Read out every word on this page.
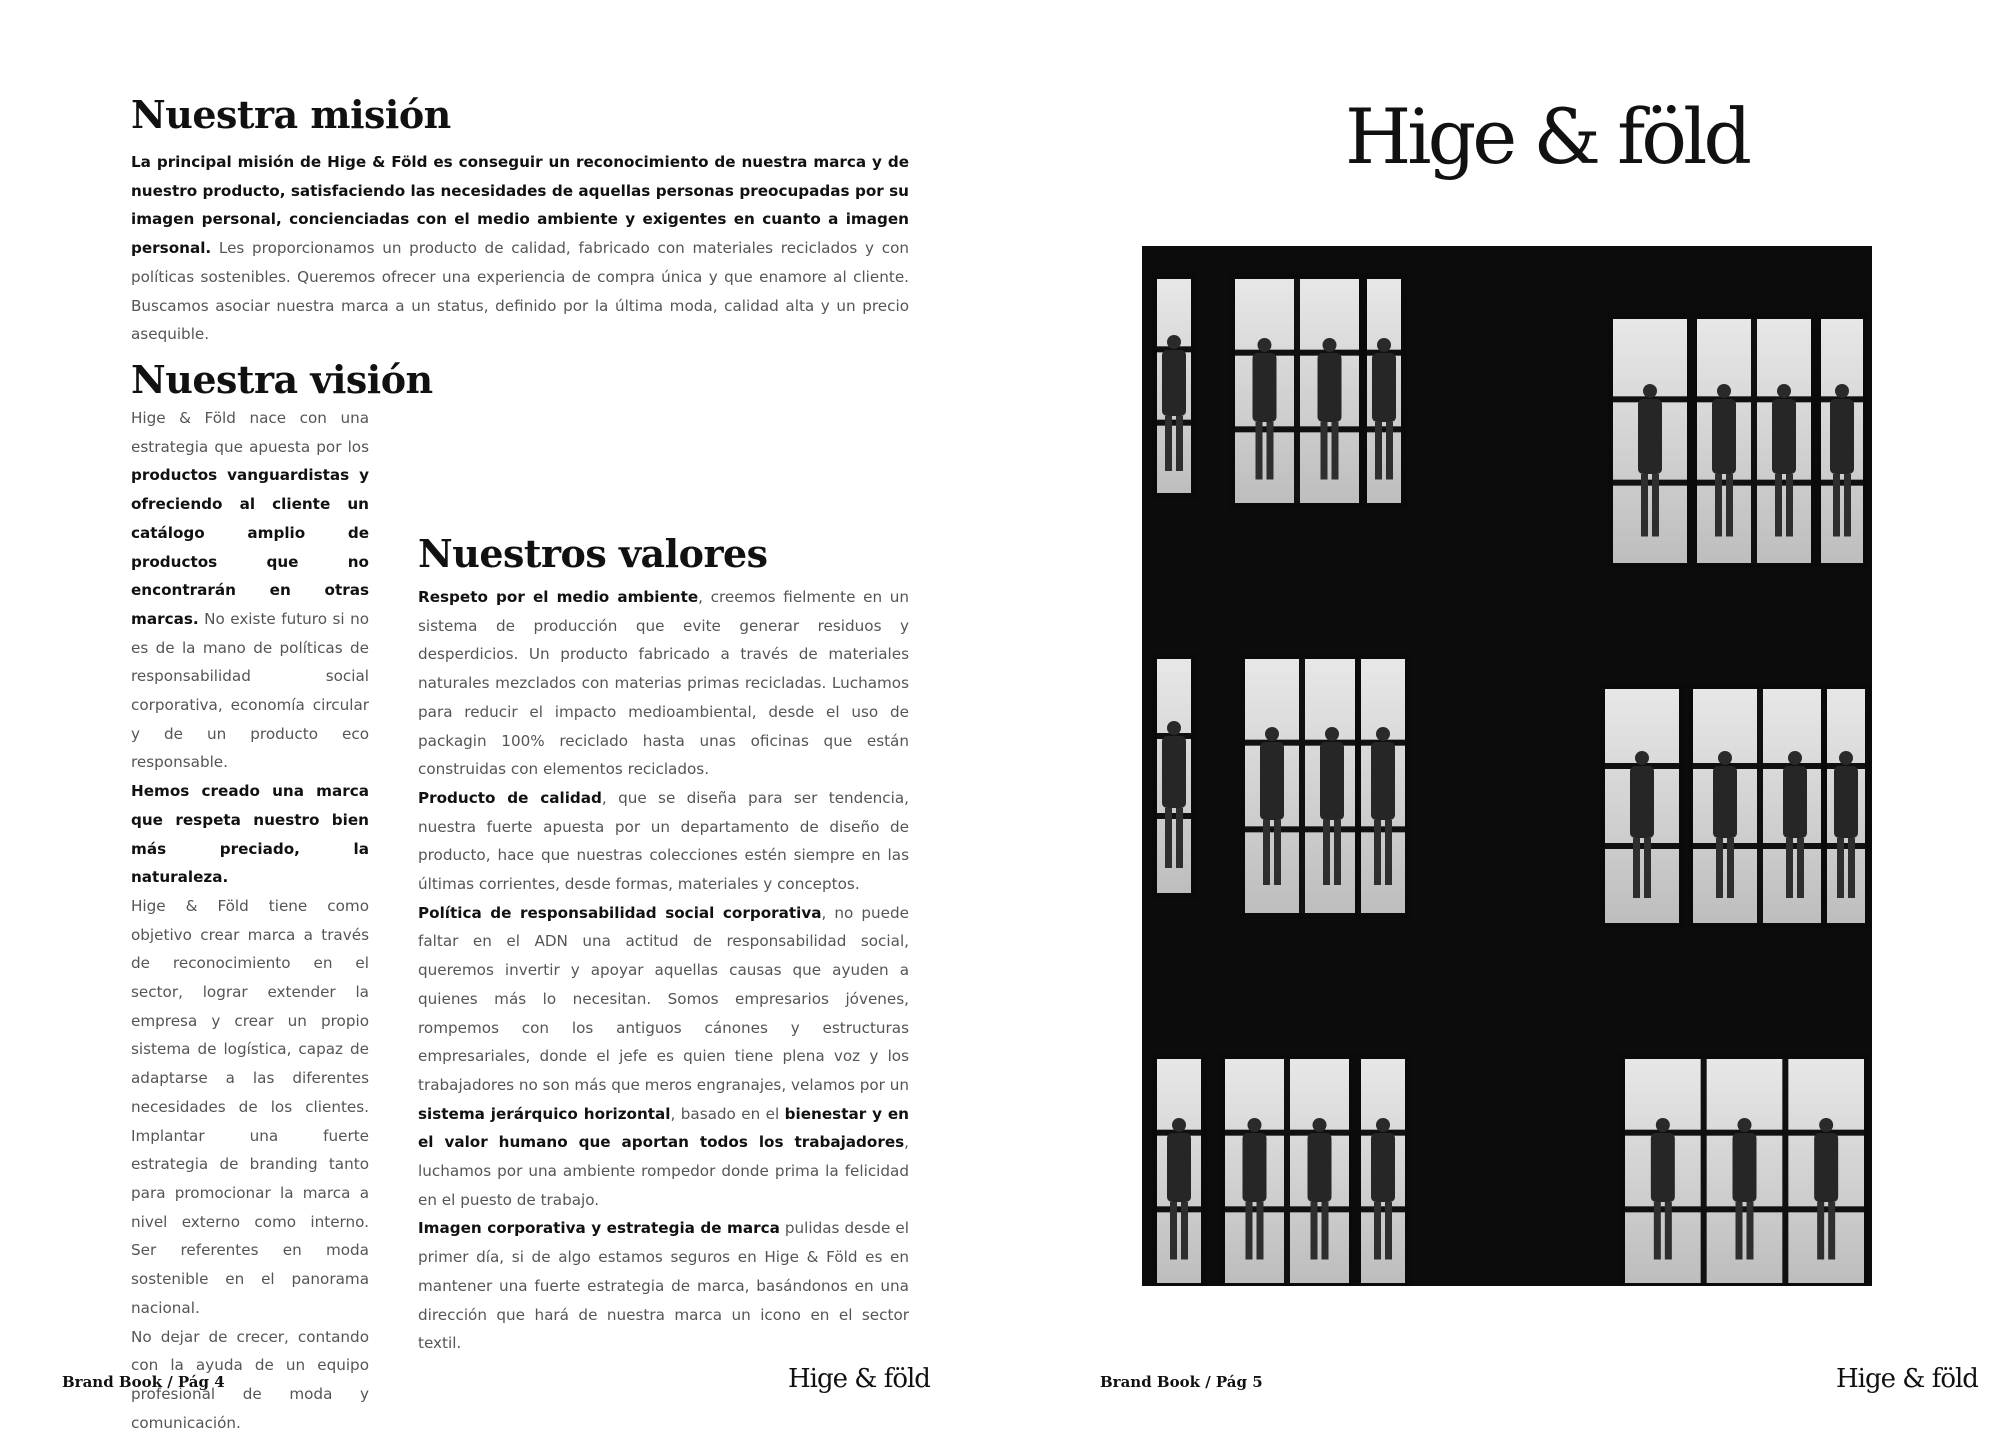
Nuestra misión

La principal misión de Hige & Föld es conseguir un reconocimiento de nuestra marca y de nuestro producto, satisfaciendo las necesidades de aquellas personas preocupadas por su imagen personal, concienciadas con el medio ambiente y exigentes en cuanto a imagen personal. Les proporcionamos un producto de calidad, fabricado con materiales reciclados y con políticas sostenibles. Queremos ofrecer una experiencia de compra única y que enamore al cliente. Buscamos asociar nuestra marca a un status, definido por la última moda, calidad alta y un precio asequible.

Nuestra visión
Hige & Föld nace con una estrategia que apuesta por los productos vanguardistas y ofreciendo al cliente un catálogo amplio de productos que no encontrarán en otras marcas. No existe futuro si no es de la mano de políticas de responsabilidad social corporativa, economía circular y de un producto eco responsable.
Hemos creado una marca que respeta nuestro bien más preciado, la naturaleza.
Hige & Föld tiene como objetivo crear marca a través de reconocimiento en el sector, lograr extender la empresa y crear un propio sistema de logística, capaz de adaptarse a las diferentes necesidades de los clientes. Implantar una fuerte estrategia de branding tanto para promocionar la marca a nivel externo como interno. Ser referentes en moda sostenible en el panorama nacional.
No dejar de crecer, contando con la ayuda de un equipo profesional de moda y comunicación.
Nuestros valores
Respeto por el medio ambiente, creemos fielmente en un sistema de producción que evite generar residuos y desperdicios. Un producto fabricado a través de materiales naturales mezclados con materias primas recicladas. Luchamos para reducir el impacto medioambiental, desde el uso de packagin 100% reciclado hasta unas oficinas que están construidas con elementos reciclados.
Producto de calidad, que se diseña para ser tendencia, nuestra fuerte apuesta por un departamento de diseño de producto, hace que nuestras colecciones estén siempre en las últimas corrientes, desde formas, materiales y conceptos.
Política de responsabilidad social corporativa, no puede faltar en el ADN una actitud de responsabilidad social, queremos invertir y apoyar aquellas causas que ayuden a quienes más lo necesitan. Somos empresarios jóvenes, rompemos con los antiguos cánones y estructuras empresariales, donde el jefe es quien tiene plena voz y los trabajadores no son más que meros engranajes, velamos por un sistema jerárquico horizontal, basado en el bienestar y en el valor humano que aportan todos los trabajadores, luchamos por una ambiente rompedor donde prima la felicidad en el puesto de trabajo.
Imagen corporativa y estrategia de marca pulidas desde el primer día, si de algo estamos seguros en Hige & Föld es en mantener una fuerte estrategia de marca, basándonos en una dirección que hará de nuestra marca un icono en el sector textil.
Brand Book / Pág 4	Hige & föld
Hige & föld
Brand Book / Pág 5	Hige & föld
